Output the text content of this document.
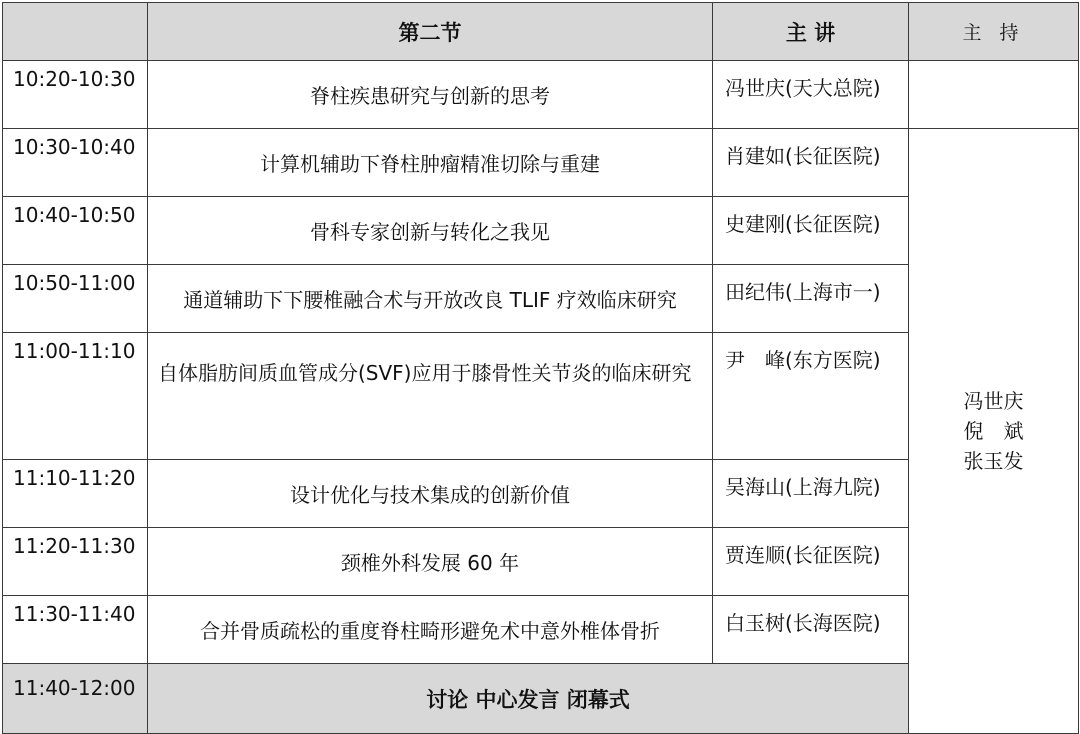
	第二节	主 讲	主 持
10:20-10:30	脊柱疾患研究与创新的思考	冯世庆(天大总院)	
10:30-10:40	计算机辅助下脊柱肿瘤精准切除与重建	肖建如(长征医院)	冯世庆
倪　斌
张玉发

10:40-10:50	骨科专家创新与转化之我见	史建刚(长征医院)	
10:50-11:00	通道辅助下下腰椎融合术与开放改良 TLIF 疗效临床研究	田纪伟(上海市一)	
11:00-11:10	自体脂肪间质血管成分(SVF)应用于膝骨性关节炎的临床研究	尹　峰(东方医院)	
11:10-11:20	设计优化与技术集成的创新价值	吴海山(上海九院)	
11:20-11:30	颈椎外科发展 60 年	贾连顺(长征医院)	
11:30-11:40	合并骨质疏松的重度脊柱畸形避免术中意外椎体骨折	白玉树(长海医院)	
11:40-12:00	讨论 中心发言 闭幕式		
